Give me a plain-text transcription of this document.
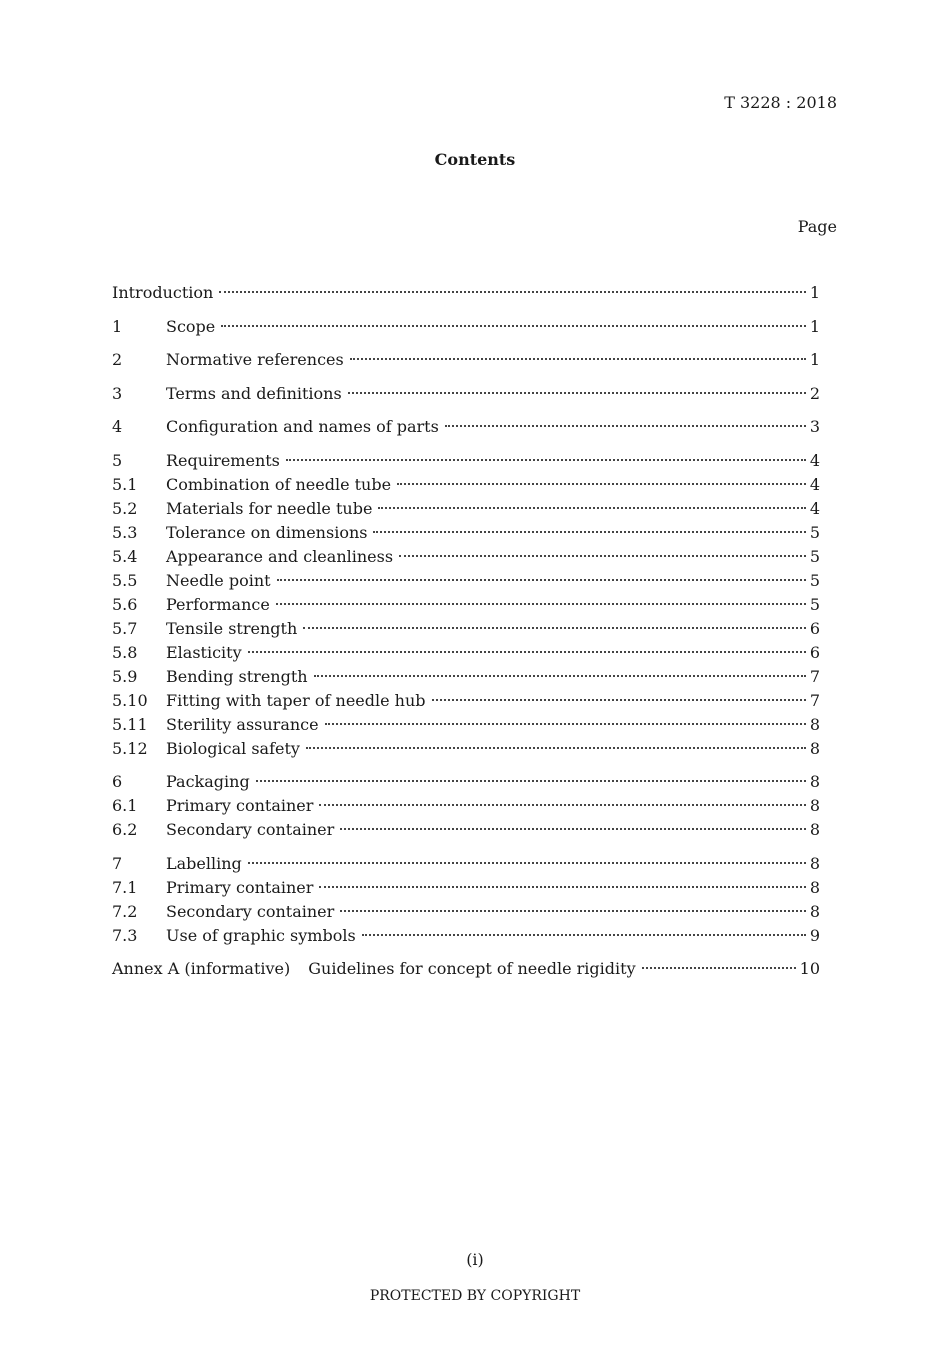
T 3228 : 2018
Contents
Page
Introduction	1
1	Scope	1
2	Normative references	1
3	Terms and definitions	2
4	Configuration and names of parts	3
5	Requirements	4
5.1	Combination of needle tube	4
5.2	Materials for needle tube	4
5.3	Tolerance on dimensions	5
5.4	Appearance and cleanliness	5
5.5	Needle point	5
5.6	Performance	5
5.7	Tensile strength	6
5.8	Elasticity	6
5.9	Bending strength	7
5.10	Fitting with taper of needle hub	7
5.11	Sterility assurance	8
5.12	Biological safety	8
6	Packaging	8
6.1	Primary container	8
6.2	Secondary container	8
7	Labelling	8
7.1	Primary container	8
7.2	Secondary container	8
7.3	Use of graphic symbols	9
Annex A (informative) Guidelines for concept of needle rigidity	10
(i)
PROTECTED BY COPYRIGHT
